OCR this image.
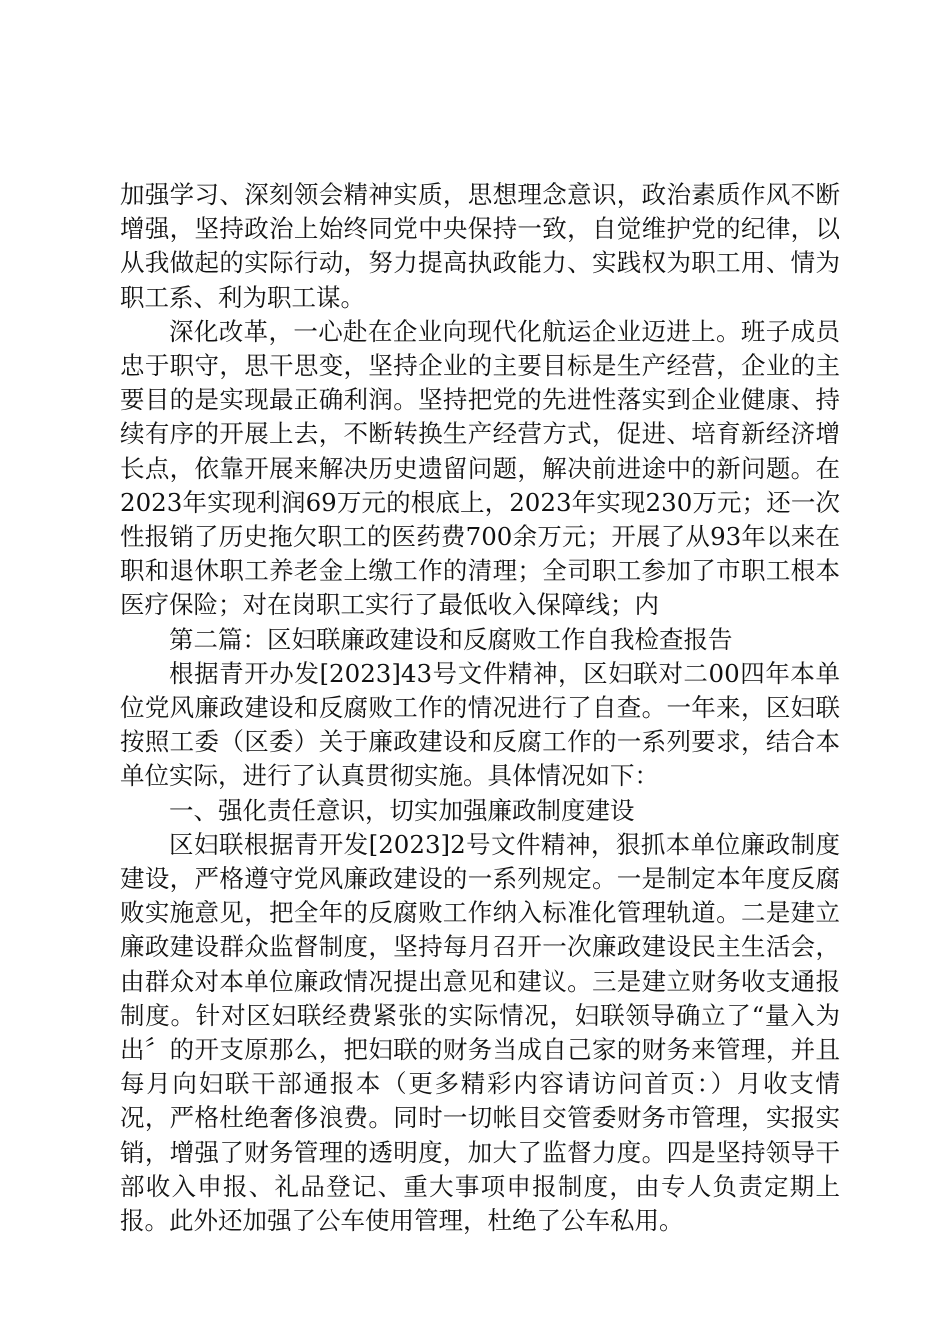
加强学习、深刻领会精神实质，思想理念意识，政治素质作风不断增强，坚持政治上始终同党中央保持一致，自觉维护党的纪律，以从我做起的实际行动，努力提高执政能力、实践权为职工用、情为职工系、利为职工谋。

深化改革，一心赴在企业向现代化航运企业迈进上。班子成员忠于职守，思干思变，坚持企业的主要目标是生产经营，企业的主要目的是实现最正确利润。坚持把党的先进性落实到企业健康、持续有序的开展上去，不断转换生产经营方式，促进、培育新经济增长点，依靠开展来解决历史遗留问题，解决前进途中的新问题。在2023年实现利润69万元的根底上，2023年实现230万元；还一次性报销了历史拖欠职工的医药费700余万元；开展了从93年以来在职和退休职工养老金上缴工作的清理；全司职工参加了市职工根本医疗保险；对在岗职工实行了最低收入保障线；内

第二篇：区妇联廉政建设和反腐败工作自我检查报告

根据青开办发[2023]43号文件精神，区妇联对二00四年本单位党风廉政建设和反腐败工作的情况进行了自查。一年来，区妇联按照工委（区委）关于廉政建设和反腐工作的一系列要求，结合本单位实际，进行了认真贯彻实施。具体情况如下：

一、强化责任意识，切实加强廉政制度建设

区妇联根据青开发[2023]2号文件精神，狠抓本单位廉政制度建设，严格遵守党风廉政建设的一系列规定。一是制定本年度反腐败实施意见，把全年的反腐败工作纳入标准化管理轨道。二是建立廉政建设群众监督制度，坚持每月召开一次廉政建设民主生活会，由群众对本单位廉政情况提出意见和建议。三是建立财务收支通报制度。针对区妇联经费紧张的实际情况，妇联领导确立了“量入为出〞的开支原那么，把妇联的财务当成自己家的财务来管理，并且每月向妇联干部通报本（更多精彩内容请访问首页：）月收支情况，严格杜绝奢侈浪费。同时一切帐目交管委财务市管理，实报实销，增强了财务管理的透明度，加大了监督力度。四是坚持领导干部收入申报、礼品登记、重大事项申报制度，由专人负责定期上报。此外还加强了公车使用管理，杜绝了公车私用。
